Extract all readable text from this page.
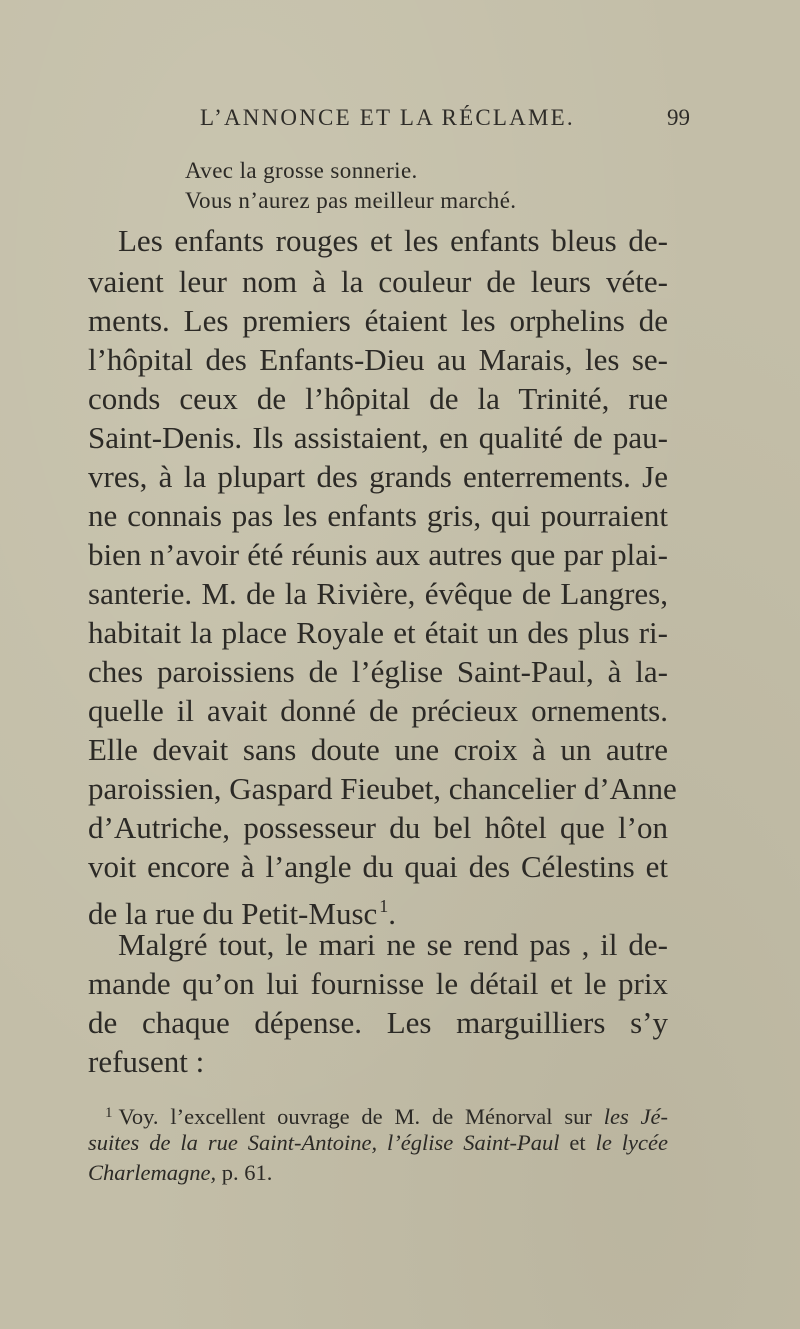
L’ANNONCE ET LA RÉCLAME.	99
Avec la grosse sonnerie.
Vous n’aurez pas meilleur marché.
Les enfants rouges et les enfants bleus de-
vaient leur nom à la couleur de leurs véte-
ments. Les premiers étaient les orphelins de
l’hôpital des Enfants-Dieu au Marais, les se-
conds ceux de l’hôpital de la Trinité, rue
Saint-Denis. Ils assistaient, en qualité de pau-
vres, à la plupart des grands enterrements. Je
ne connais pas les enfants gris, qui pourraient
bien n’avoir été réunis aux autres que par plai-
santerie. M. de la Rivière, évêque de Langres,
habitait la place Royale et était un des plus ri-
ches paroissiens de l’église Saint-Paul, à la-
quelle il avait donné de précieux ornements.
Elle devait sans doute une croix à un autre
paroissien, Gaspard Fieubet, chancelier d’Anne
d’Autriche, possesseur du bel hôtel que l’on
voit encore à l’angle du quai des Célestins et
de la rue du Petit-Musc $^1$.
Malgré tout, le mari ne se rend pas , il de-
mande qu’on lui fournisse le détail et le prix
de chaque dépense. Les marguilliers s’y
refusent :
$^1$ Voy. l’excellent ouvrage de M. de Ménorval sur les Jé-
suites de la rue Saint-Antoine, l’église Saint-Paul et le lycée
Charlemagne, p. 61.
